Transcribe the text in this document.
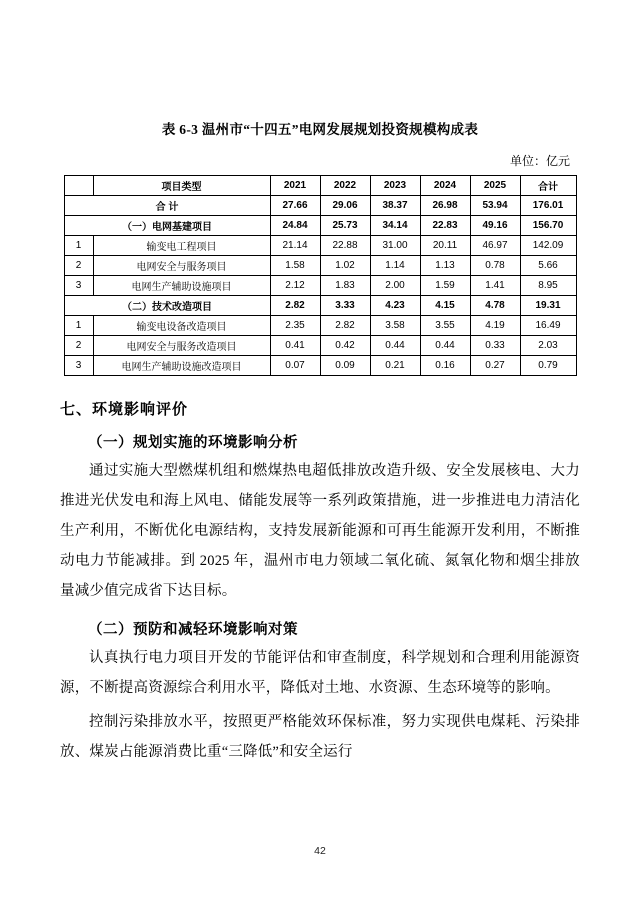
表 6-3 温州市“十四五”电网发展规划投资规模构成表
单位：亿元
	项目类型	2021	2022	2023	2024	2025	合计
合 计		27.66	29.06	38.37	26.98	53.94	176.01
（一）电网基建项目		24.84	25.73	34.14	22.83	49.16	156.70
1	输变电工程项目	21.14	22.88	31.00	20.11	46.97	142.09
2	电网安全与服务项目	1.58	1.02	1.14	1.13	0.78	5.66
3	电网生产辅助设施项目	2.12	1.83	2.00	1.59	1.41	8.95
（二）技术改造项目		2.82	3.33	4.23	4.15	4.78	19.31
1	输变电设备改造项目	2.35	2.82	3.58	3.55	4.19	16.49
2	电网安全与服务改造项目	0.41	0.42	0.44	0.44	0.33	2.03
3	电网生产辅助设施改造项目	0.07	0.09	0.21	0.16	0.27	0.79
七、环境影响评价
（一）规划实施的环境影响分析

通过实施大型燃煤机组和燃煤热电超低排放改造升级、安全发展核电、大力推进光伏发电和海上风电、储能发展等一系列政策措施，进一步推进电力清洁化生产利用，不断优化电源结构，支持发展新能源和可再生能源开发利用，不断推动电力节能减排。到 2025 年，温州市电力领域二氧化硫、氮氧化物和烟尘排放量减少值完成省下达目标。

（二）预防和减轻环境影响对策

认真执行电力项目开发的节能评估和审查制度，科学规划和合理利用能源资源，不断提高资源综合利用水平，降低对土地、水资源、生态环境等的影响。

控制污染排放水平，按照更严格能效环保标准，努力实现供电煤耗、污染排放、煤炭占能源消费比重“三降低”和安全运行

42
